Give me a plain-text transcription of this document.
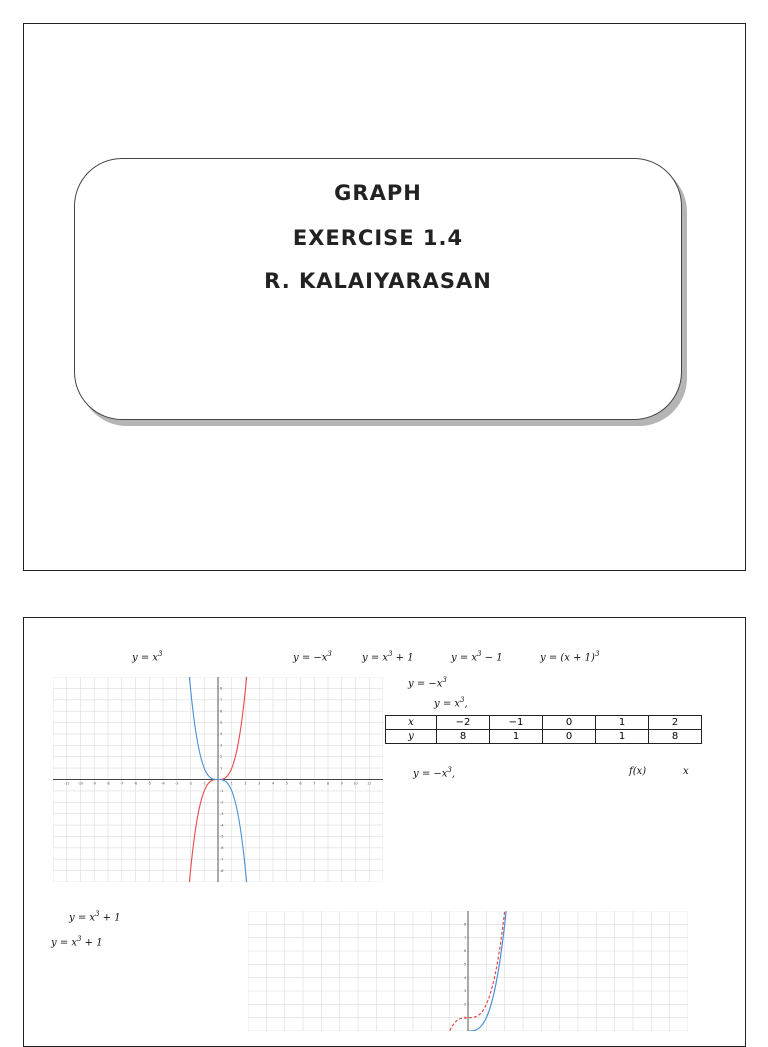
GRAPH
EXERCISE 1.4
R. KALAIYARASAN
$y = x^3$	$y = -x^3$	$y = x^3 + 1$	$y = x^3 - 1$	$y = (x + 1)^3$
-11 -10	-9	-8	-7	-6	-5	-4	-3	-2	-1	1	2	3	4	5	6	7	8	9	10	11
-8
-7
-6
-5
-4
-3
-2
-1
1
2
3
4
5
6
7
8	$y = -x^3$
$y = x^3$,
x	−2	−1	0	1	2
y	8	1	0	1	8
$y = -x^3$,	f(x)	x
$y = x^3 + 1$
$y = x^3 + 1$
1
2
3
4
5
6
7
8
